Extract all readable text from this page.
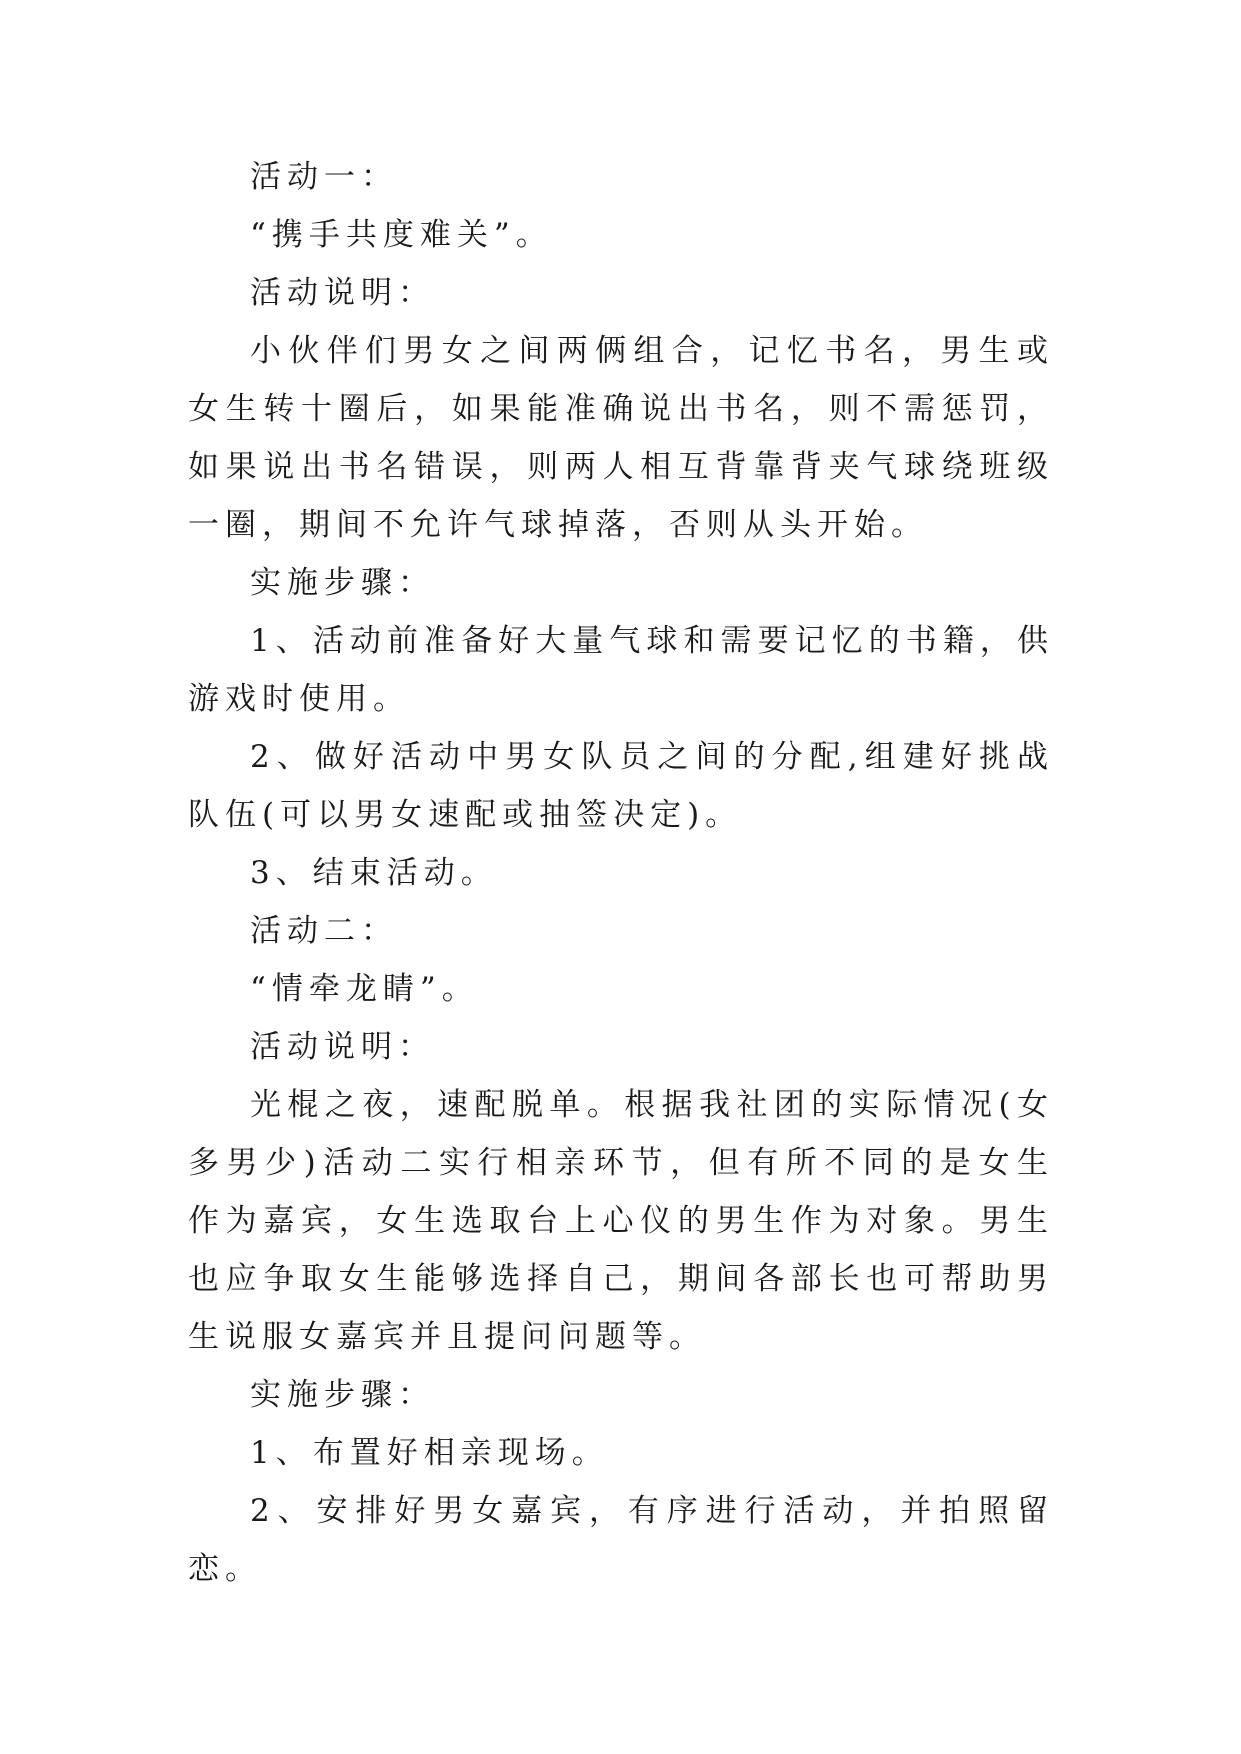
活动一：

“携手共度难关”。

活动说明：

小伙伴们男女之间两俩组合，记忆书名，男生或女生转十圈后，如果能准确说出书名，则不需惩罚，如果说出书名错误，则两人相互背靠背夹气球绕班级一圈，期间不允许气球掉落，否则从头开始。

实施步骤：

1、活动前准备好大量气球和需要记忆的书籍，供游戏时使用。

2、做好活动中男女队员之间的分配,组建好挑战队伍(可以男女速配或抽签决定)。

3、结束活动。

活动二：

“情牵龙睛”。

活动说明：

光棍之夜，速配脱单。根据我社团的实际情况(女多男少)活动二实行相亲环节，但有所不同的是女生作为嘉宾，女生选取台上心仪的男生作为对象。男生也应争取女生能够选择自己，期间各部长也可帮助男生说服女嘉宾并且提问问题等。

实施步骤：

1、布置好相亲现场。

2、安排好男女嘉宾，有序进行活动，并拍照留恋。
